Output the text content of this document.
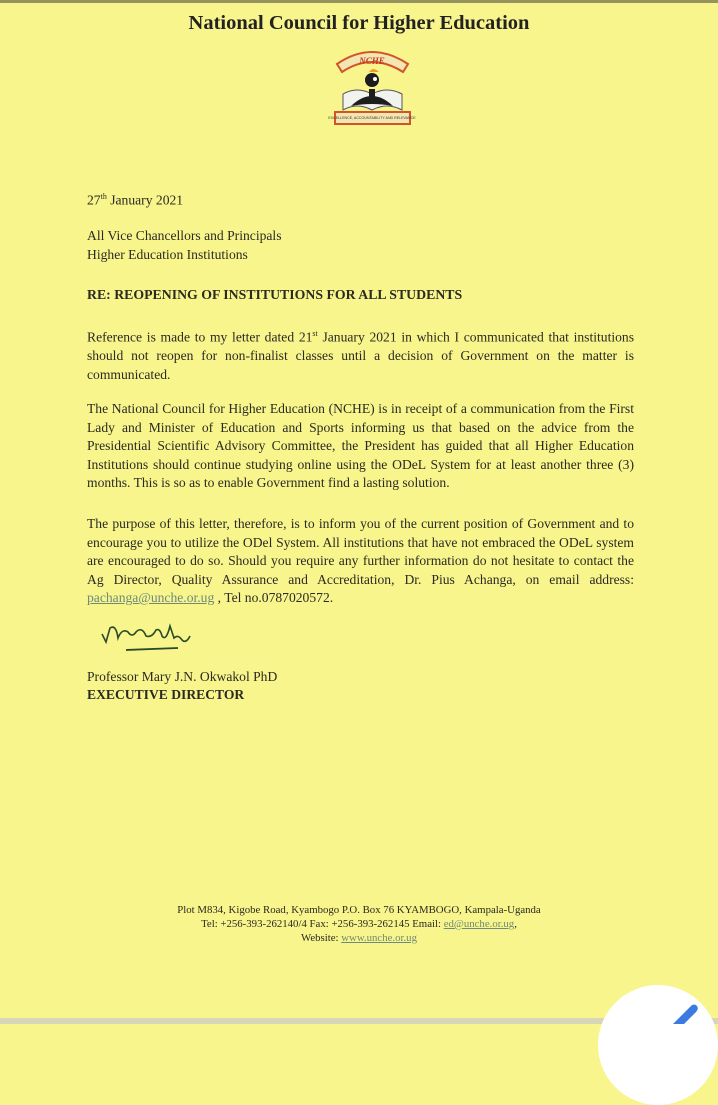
National Council for Higher Education
NCHE
EXCELLENCE, ACCOUNTABILITY AND RELEVANCE
27th January 2021
All Vice Chancellors and Principals
Higher Education Institutions
RE: REOPENING OF INSTITUTIONS FOR ALL STUDENTS
Reference is made to my letter dated 21st January 2021 in which I communicated that institutions should not reopen for non-finalist classes until a decision of Government on the matter is communicated.
The National Council for Higher Education (NCHE) is in receipt of a communication from the First Lady and Minister of Education and Sports informing us that based on the advice from the Presidential Scientific Advisory Committee, the President has guided that all Higher Education Institutions should continue studying online using the ODeL System for at least another three (3) months. This is so as to enable Government find a lasting solution.
The purpose of this letter, therefore, is to inform you of the current position of Government and to encourage you to utilize the ODel System. All institutions that have not embraced the ODeL system are encouraged to do so. Should you require any further information do not hesitate to contact the Ag Director, Quality Assurance and Accreditation, Dr. Pius Achanga, on email address: pachanga@unche.or.ug , Tel no.0787020572.
Professor Mary J.N. Okwakol PhD
EXECUTIVE DIRECTOR
Plot M834, Kigobe Road, Kyambogo P.O. Box 76 KYAMBOGO, Kampala-Uganda
Tel: +256-393-262140/4 Fax: +256-393-262145 Email: ed@unche.or.ug,
Website: www.unche.or.ug
